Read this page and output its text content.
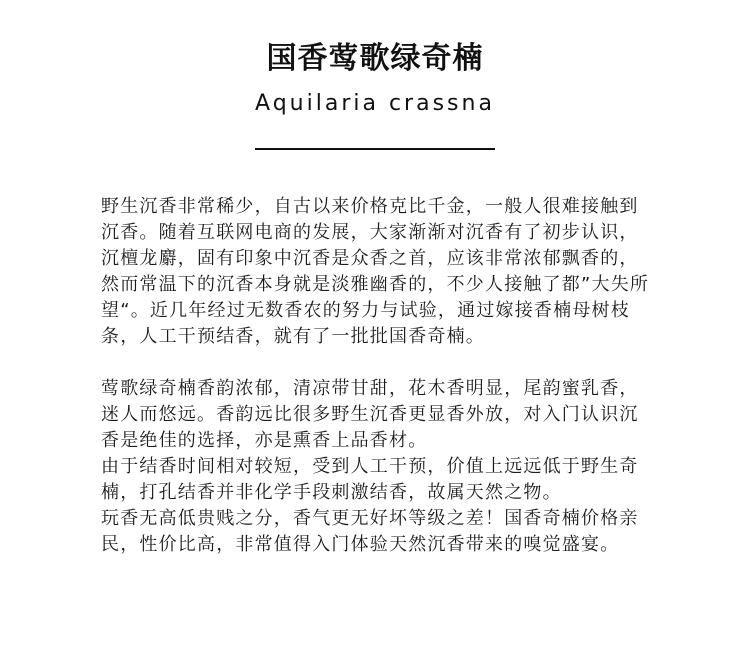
国香莺歌绿奇楠
Aquilaria crassna

野生沉香非常稀少，自古以来价格克比千金，一般人很难接触到沉香。随着互联网电商的发展，大家渐渐对沉香有了初步认识，沉檀龙麝，固有印象中沉香是众香之首，应该非常浓郁飘香的，然而常温下的沉香本身就是淡雅幽香的，不少人接触了都”大失所望“。近几年经过无数香农的努力与试验，通过嫁接香楠母树枝条，人工干预结香，就有了一批批国香奇楠。

莺歌绿奇楠香韵浓郁，清凉带甘甜，花木香明显，尾韵蜜乳香，迷人而悠远。香韵远比很多野生沉香更显香外放，对入门认识沉香是绝佳的选择，亦是熏香上品香材。

由于结香时间相对较短，受到人工干预，价值上远远低于野生奇楠，打孔结香并非化学手段刺激结香，故属天然之物。

玩香无高低贵贱之分，香气更无好坏等级之差！国香奇楠价格亲民，性价比高，非常值得入门体验天然沉香带来的嗅觉盛宴。
